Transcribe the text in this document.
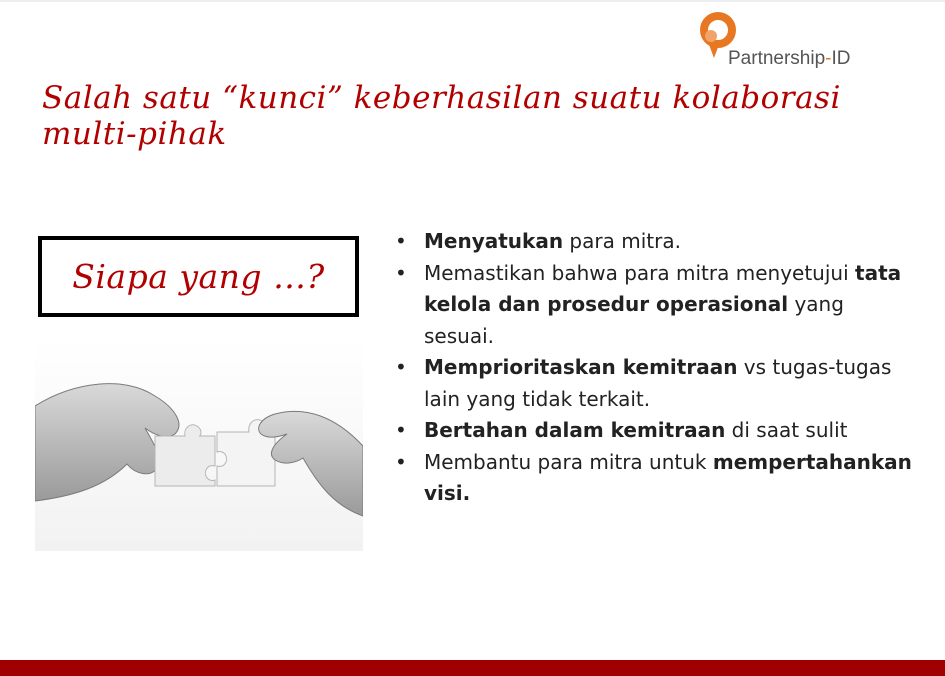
Partnership-ID
Salah satu “kunci” keberhasilan suatu kolaborasi multi-pihak
Siapa yang …?
• Menyatukan para mitra.
• Memastikan bahwa para mitra menyetujui tata kelola dan prosedur operasional yang sesuai.
• Memprioritaskan kemitraan vs tugas-tugas lain yang tidak terkait.
• Bertahan dalam kemitraan di saat sulit
• Membantu para mitra untuk mempertahankan visi.
